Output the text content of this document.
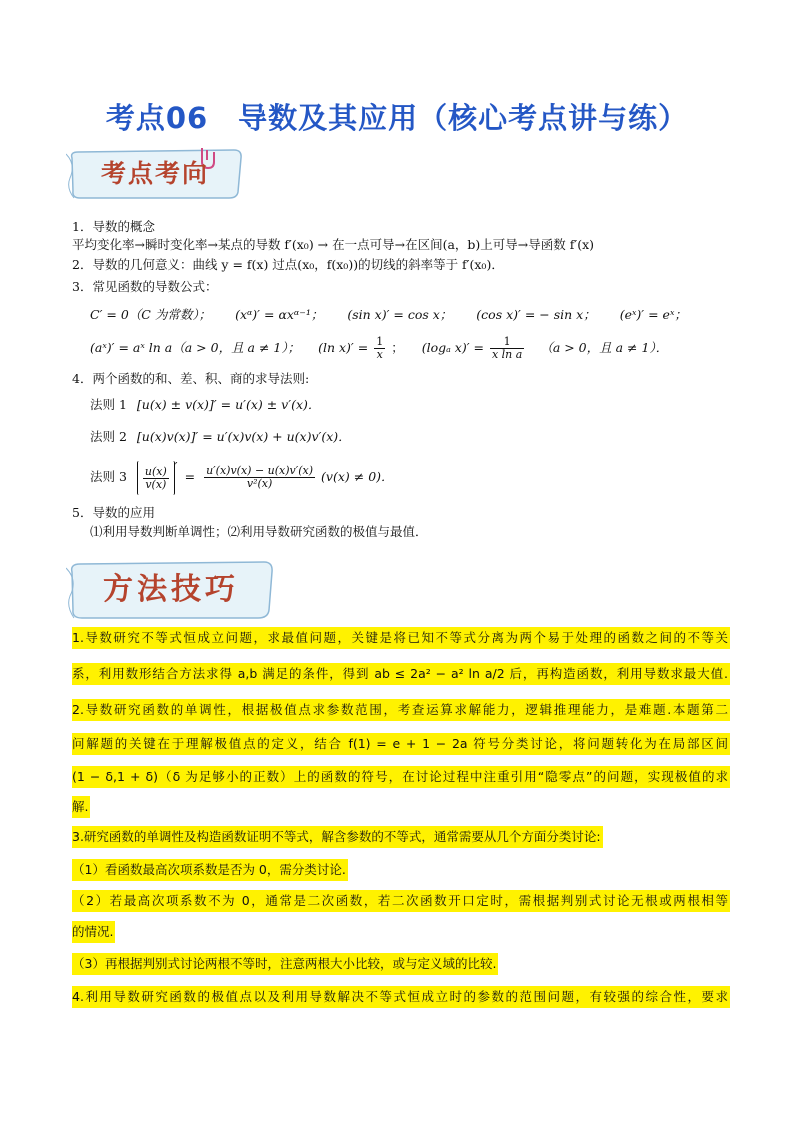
考点06　导数及其应用（核心考点讲与练）
考点考向
1．导数的概念
平均变化率→瞬时变化率→某点的导数 f′(x₀) → 在一点可导→在区间(a，b)上可导→导函数 f′(x)
2．导数的几何意义：曲线 y = f(x) 过点(x₀，f(x₀))的切线的斜率等于 f′(x₀)．
3．常见函数的导数公式：
C′ = 0（C 为常数）； (xᵅ)′ = αxᵅ⁻¹； (sin x)′ = cos x； (cos x)′ = − sin x； (eˣ)′ = eˣ；
(aˣ)′ = aˣ ln a（a > 0，且 a ≠ 1）； (ln $x)' = \frac{1}{x}$ ； (logₐ $x)' = \frac{1}{\text{x ln a}} (a > 0$，且 a ≠ 1）．
4．两个函数的和、差、积、商的求导法则:
法则 1 [u(x) ± v(x)]′ = u′(x) ± v′(x)．
法则 2 [u(x)v(x)]′ = u′(x)v(x) + u(x)v′(x)．
法则 $3 \frac{u(x)}{v(x)}$ ′ = $\frac{u'(x)v(x) - u(x)v'(x)}{\text{v²(x)}} (v(x) \ne 0)$．
5．导数的应用
⑴利用导数判断单调性；⑵利用导数研究函数的极值与最值．
方法技巧
1.导数研究不等式恒成立问题，求最值问题，关键是将已知不等式分离为两个易于处理的函数之间的不等关
系，利用数形结合方法求得 a,b 满足的条件，得到 ab ≤ 2a² − a² ln a/2 后，再构造函数，利用导数求最大值.
2.导数研究函数的单调性，根据极值点求参数范围，考查运算求解能力，逻辑推理能力，是难题.本题第二
问解题的关键在于理解极值点的定义，结合 f(1) = e + 1 − 2a 符号分类讨论，将问题转化为在局部区间
(1 − δ,1 + δ)（δ 为足够小的正数）上的函数的符号，在讨论过程中注重引用“隐零点”的问题，实现极值的求
解.
3.研究函数的单调性及构造函数证明不等式，解含参数的不等式，通常需要从几个方面分类讨论:
（1）看函数最高次项系数是否为 0，需分类讨论.
（2）若最高次项系数不为 0，通常是二次函数，若二次函数开口定时，需根据判别式讨论无根或两根相等
的情况.
（3）再根据判别式讨论两根不等时，注意两根大小比较，或与定义域的比较.
4.利用导数研究函数的极值点以及利用导数解决不等式恒成立时的参数的范围问题，有较强的综合性，要求
